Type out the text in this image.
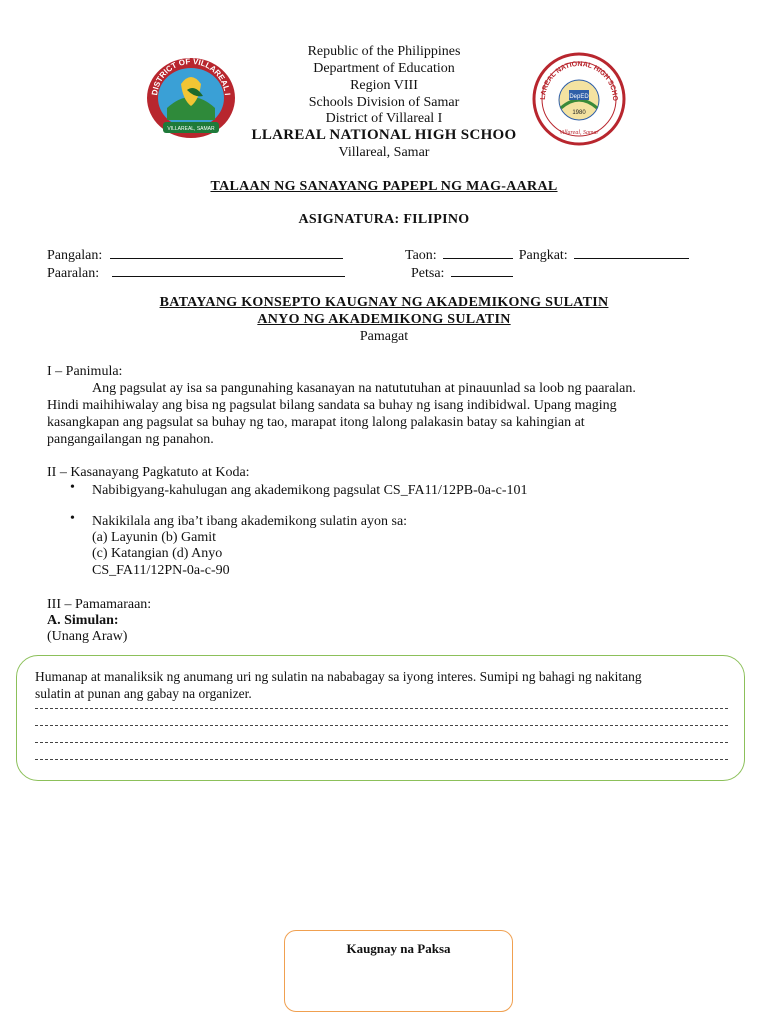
DISTRICT OF VILLAREAL I
VILLAREAL, SAMAR
LAREAL NATIONAL HIGH SCHO
DepED
1980
Villareal, Samar
Republic of the Philippines
Department of Education
Region VIII
Schools Division of Samar
District of Villareal I
LLAREAL NATIONAL HIGH SCHOO
Villareal, Samar
TALAAN NG SANAYANG PAPEPL NG MAG-AARAL
ASIGNATURA: FILIPINO
Pangalan:	Taon:	Pangkat:
Paaralan:	Petsa:
BATAYANG KONSEPTO KAUGNAY NG AKADEMIKONG SULATIN
ANYO NG AKADEMIKONG SULATIN
Pamagat
I – Panimula:
Ang pagsulat ay isa sa pangunahing kasanayan na natututuhan at pinauunlad sa loob ng paaralan.
Hindi maihihiwalay ang bisa ng pagsulat bilang sandata sa buhay ng isang indibidwal. Upang maging
kasangkapan ang pagsulat sa buhay ng tao, marapat itong lalong palakasin batay sa kahingian at
pangangailangan ng panahon.
II – Kasanayang Pagkatuto at Koda:
• Nabibigyang-kahulugan ang akademikong pagsulat CS_FA11/12PB-0a-c-101
• Nakikilala ang iba’t ibang akademikong sulatin ayon sa:
(a) Layunin (b) Gamit
(c) Katangian (d) Anyo
CS_FA11/12PN-0a-c-90
III – Pamamaraan:
A. Simulan:
(Unang Araw)
Humanap at manaliksik ng anumang uri ng sulatin na nababagay sa iyong interes. Sumipi ng bahagi ng nakitang
sulatin at punan ang gabay na organizer.
Kaugnay na Paksa
